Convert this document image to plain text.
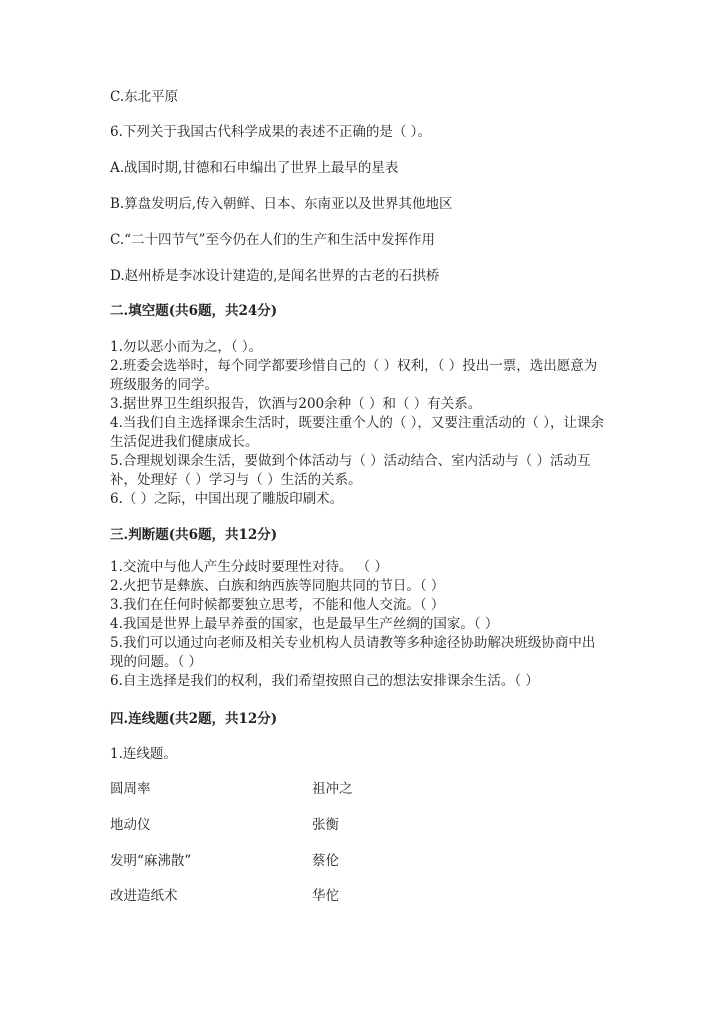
C.东北平原
6.下列关于我国古代科学成果的表述不正确的是（ ）。
A.战国时期,甘德和石申编出了世界上最早的星表
B.算盘发明后,传入朝鲜、日本、东南亚以及世界其他地区
C.“二十四节气”至今仍在人们的生产和生活中发挥作用
D.赵州桥是李冰设计建造的,是闻名世界的古老的石拱桥
二.填空题(共6题，共24分)
1.勿以恶小而为之，（ ）。
2.班委会选举时，每个同学都要珍惜自己的（ ）权利，（ ）投出一票，选出愿意为班级服务的同学。
3.据世界卫生组织报告，饮酒与200余种（ ）和（ ）有关系。
4.当我们自主选择课余生活时，既要注重个人的（ ），又要注重活动的（ ），让课余生活促进我们健康成长。
5.合理规划课余生活，要做到个体活动与（ ）活动结合、室内活动与（ ）活动互补，处理好（ ）学习与（ ）生活的关系。
6.（ ）之际，中国出现了雕版印刷术。
三.判断题(共6题，共12分)
1.交流中与他人产生分歧时要理性对待。 （ ）
2.火把节是彝族、白族和纳西族等同胞共同的节日。（ ）
3.我们在任何时候都要独立思考，不能和他人交流。（ ）
4.我国是世界上最早养蚕的国家，也是最早生产丝绸的国家。（ ）
5.我们可以通过向老师及相关专业机构人员请教等多种途径协助解决班级协商中出现的问题。（ ）
6.自主选择是我们的权利，我们希望按照自己的想法安排课余生活。（ ）
四.连线题(共2题，共12分)
1.连线题。
圆周率	祖冲之
地动仪	张衡
发明“麻沸散”	蔡伦
改进造纸术	华佗
